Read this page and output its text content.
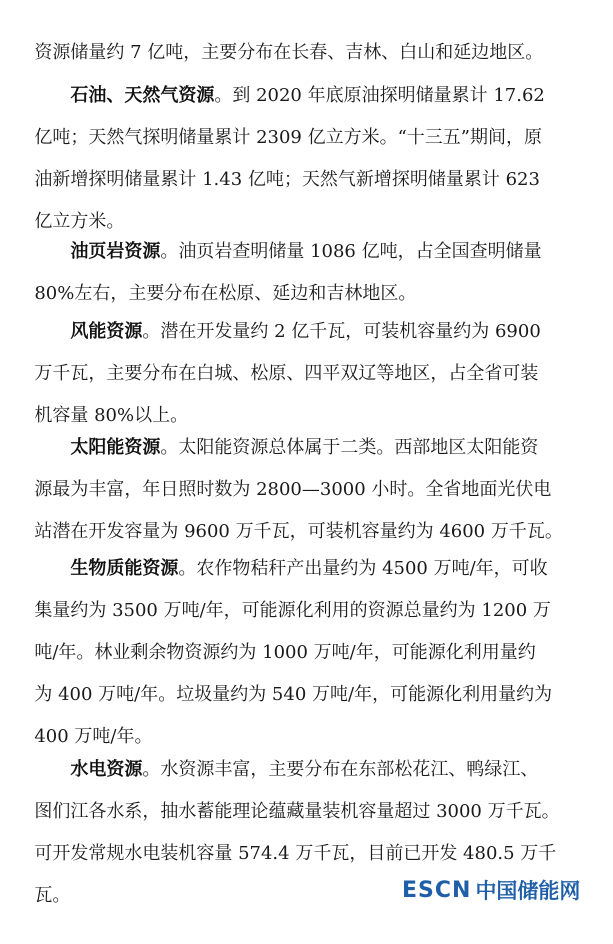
资源储量约 7 亿吨，主要分布在长春、吉林、白山和延边地区。

石油、天然气资源。到 2020 年底原油探明储量累计 17.62

亿吨；天然气探明储量累计 2309 亿立方米。“十三五”期间，原

油新增探明储量累计 1.43 亿吨；天然气新增探明储量累计 623

亿立方米。

油页岩资源。油页岩查明储量 1086 亿吨，占全国查明储量

80%左右，主要分布在松原、延边和吉林地区。

风能资源。潜在开发量约 2 亿千瓦，可装机容量约为 6900

万千瓦，主要分布在白城、松原、四平双辽等地区，占全省可装

机容量 80%以上。

太阳能资源。太阳能资源总体属于二类。西部地区太阳能资

源最为丰富，年日照时数为 2800—3000 小时。全省地面光伏电

站潜在开发容量为 9600 万千瓦，可装机容量约为 4600 万千瓦。

生物质能资源。农作物秸秆产出量约为 4500 万吨/年，可收

集量约为 3500 万吨/年，可能源化利用的资源总量约为 1200 万

吨/年。林业剩余物资源约为 1000 万吨/年，可能源化利用量约

为 400 万吨/年。垃圾量约为 540 万吨/年，可能源化利用量约为

400 万吨/年。

水电资源。水资源丰富，主要分布在东部松花江、鸭绿江、

图们江各水系，抽水蓄能理论蕴藏量装机容量超过 3000 万千瓦。

可开发常规水电装机容量 574.4 万千瓦，目前已开发 480.5 万千

瓦。
	ESCN 中国储能网
